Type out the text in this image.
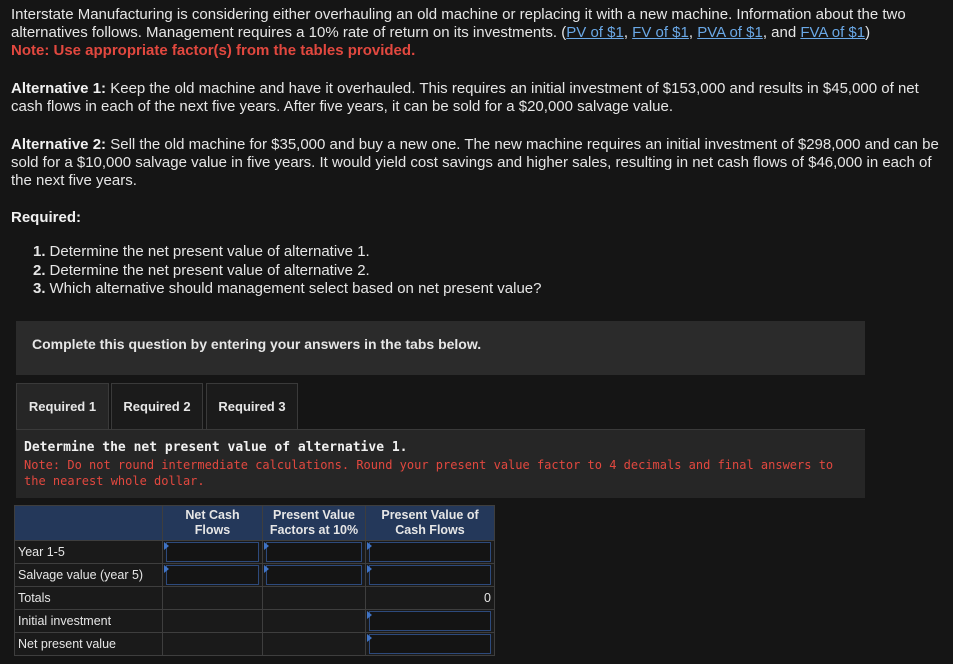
Interstate Manufacturing is considering either overhauling an old machine or replacing it with a new machine. Information about the two alternatives follows. Management requires a 10% rate of return on its investments. (PV of $1, FV of $1, PVA of $1, and FVA of $1)
Note: Use appropriate factor(s) from the tables provided.
Alternative 1: Keep the old machine and have it overhauled. This requires an initial investment of $153,000 and results in $45,000 of net cash flows in each of the next five years. After five years, it can be sold for a $20,000 salvage value.
Alternative 2: Sell the old machine for $35,000 and buy a new one. The new machine requires an initial investment of $298,000 and can be sold for a $10,000 salvage value in five years. It would yield cost savings and higher sales, resulting in net cash flows of $46,000 in each of the next five years.
Required:
1. Determine the net present value of alternative 1.
2. Determine the net present value of alternative 2.
3. Which alternative should management select based on net present value?
Complete this question by entering your answers in the tabs below.
Required 1	Required 2	Required 3
Determine the net present value of alternative 1.
Note: Do not round intermediate calculations. Round your present value factor to 4 decimals and final answers to the nearest whole dollar.
	Net Cash Flows	Present Value Factors at 10%	Present Value of Cash Flows
Year 1-5	

Salvage value (year 5)	

Totals			0
Initial investment			

Net present value			
